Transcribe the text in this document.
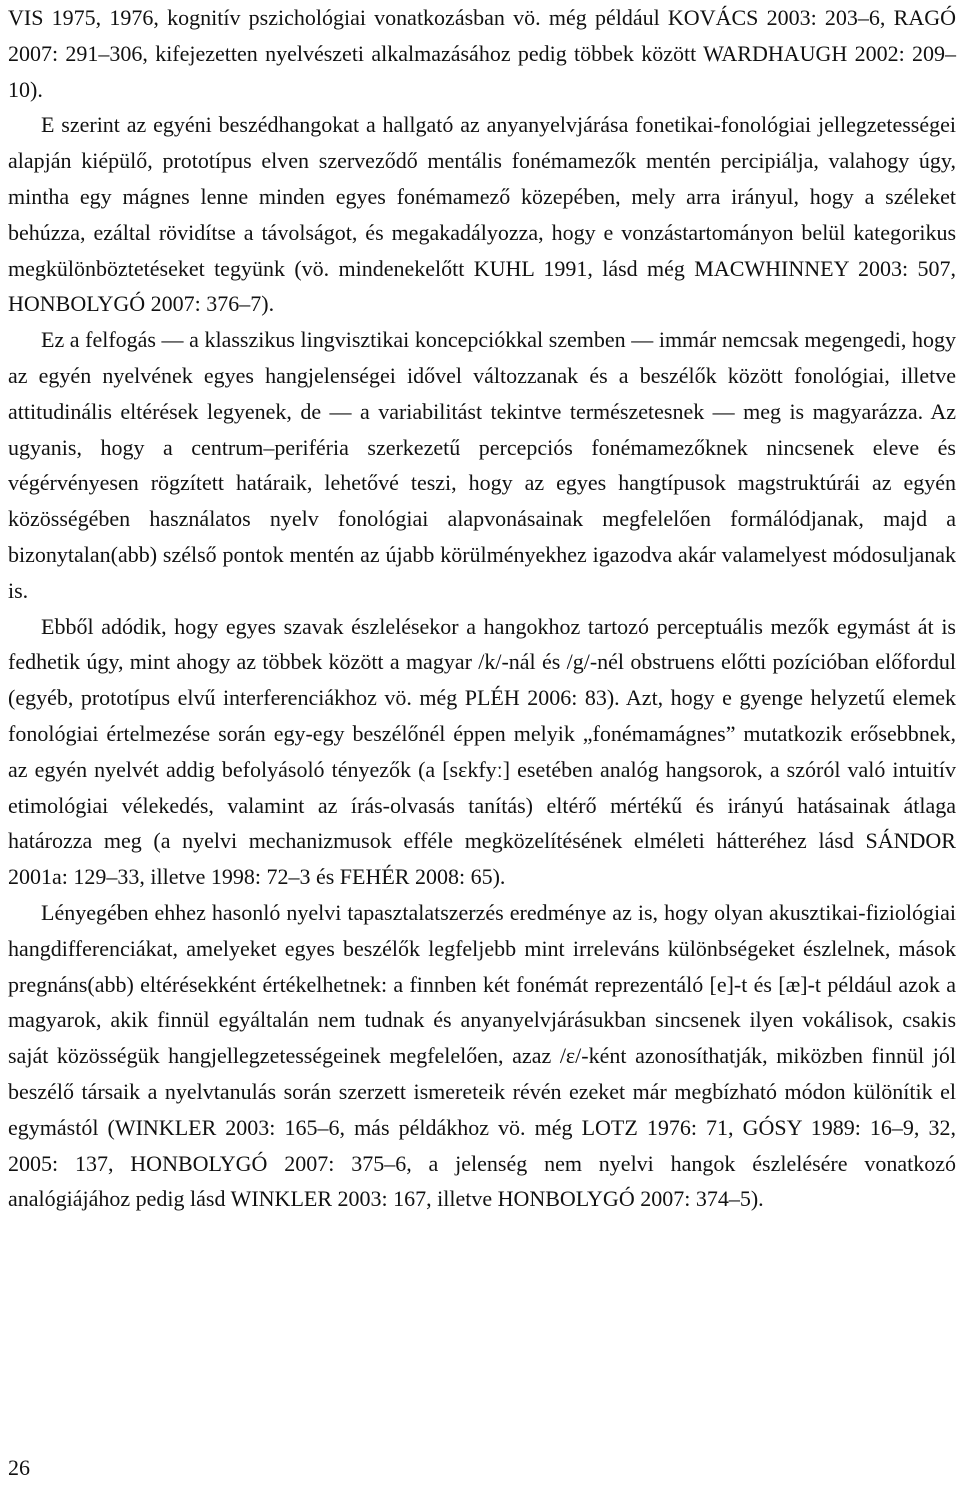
VIS 1975, 1976, kognitív pszichológiai vonatkozásban vö. még például KOVÁCS 2003: 203–6, RAGÓ 2007: 291–306, kifejezetten nyelvészeti alkalmazásához pedig többek között WARDHAUGH 2002: 209–10).

E szerint az egyéni beszédhangokat a hallgató az anyanyelvjárása fonetikai-fonológiai jellegzetességei alapján kiépülő, prototípus elven szerveződő mentális fonémamezők mentén percipiálja, valahogy úgy, mintha egy mágnes lenne minden egyes fonémamező közepében, mely arra irányul, hogy a széleket behúzza, ezáltal rövidítse a távolságot, és megakadályozza, hogy e vonzástartományon belül kategorikus megkülönböztetéseket tegyünk (vö. mindenekelőtt KUHL 1991, lásd még MACWHINNEY 2003: 507, HONBOLYGÓ 2007: 376–7).

Ez a felfogás — a klasszikus lingvisztikai koncepciókkal szemben — immár nemcsak megengedi, hogy az egyén nyelvének egyes hangjelenségei idővel változzanak és a beszélők között fonológiai, illetve attitudinális eltérések legyenek, de — a variabilitást tekintve természetesnek — meg is magyarázza. Az ugyanis, hogy a centrum–periféria szerkezetű percepciós fonémamezőknek nincsenek eleve és végérvényesen rögzített határaik, lehetővé teszi, hogy az egyes hangtípusok magstruktúrái az egyén közösségében használatos nyelv fonológiai alapvonásainak megfelelően formálódjanak, majd a bizonytalan(abb) szélső pontok mentén az újabb körülményekhez igazodva akár valamelyest módosuljanak is.

Ebből adódik, hogy egyes szavak észlelésekor a hangokhoz tartozó perceptuális mezők egymást át is fedhetik úgy, mint ahogy az többek között a magyar /k/-nál és /g/-nél obstruens előtti pozícióban előfordul (egyéb, prototípus elvű interferenciákhoz vö. még PLÉH 2006: 83). Azt, hogy e gyenge helyzetű elemek fonológiai értelmezése során egy-egy beszélőnél éppen melyik „fonémamágnes” mutatkozik erősebbnek, az egyén nyelvét addig befolyásoló tényezők (a [sɛkfyː] esetében analóg hangsorok, a szóról való intuitív etimológiai vélekedés, valamint az írás-olvasás tanítás) eltérő mértékű és irányú hatásainak átlaga határozza meg (a nyelvi mechanizmusok efféle megközelítésének elméleti hátteréhez lásd SÁNDOR 2001a: 129–33, illetve 1998: 72–3 és FEHÉR 2008: 65).

Lényegében ehhez hasonló nyelvi tapasztalatszerzés eredménye az is, hogy olyan akusztikai-fiziológiai hangdifferenciákat, amelyeket egyes beszélők legfeljebb mint irreleváns különbségeket észlelnek, mások pregnáns(abb) eltérésekként értékelhetnek: a finnben két fonémát reprezentáló [e]-t és [æ]-t például azok a magyarok, akik finnül egyáltalán nem tudnak és anyanyelvjárásukban sincsenek ilyen vokálisok, csakis saját közösségük hangjellegzetességeinek megfelelően, azaz /ɛ/-ként azonosíthatják, miközben finnül jól beszélő társaik a nyelvtanulás során szerzett ismereteik révén ezeket már megbízható módon különítik el egymástól (WINKLER 2003: 165–6, más példákhoz vö. még LOTZ 1976: 71, GÓSY 1989: 16–9, 32, 2005: 137, HONBOLYGÓ 2007: 375–6, a jelenség nem nyelvi hangok észlelésére vonatkozó analógiájához pedig lásd WINKLER 2003: 167, illetve HONBOLYGÓ 2007: 374–5).

26
